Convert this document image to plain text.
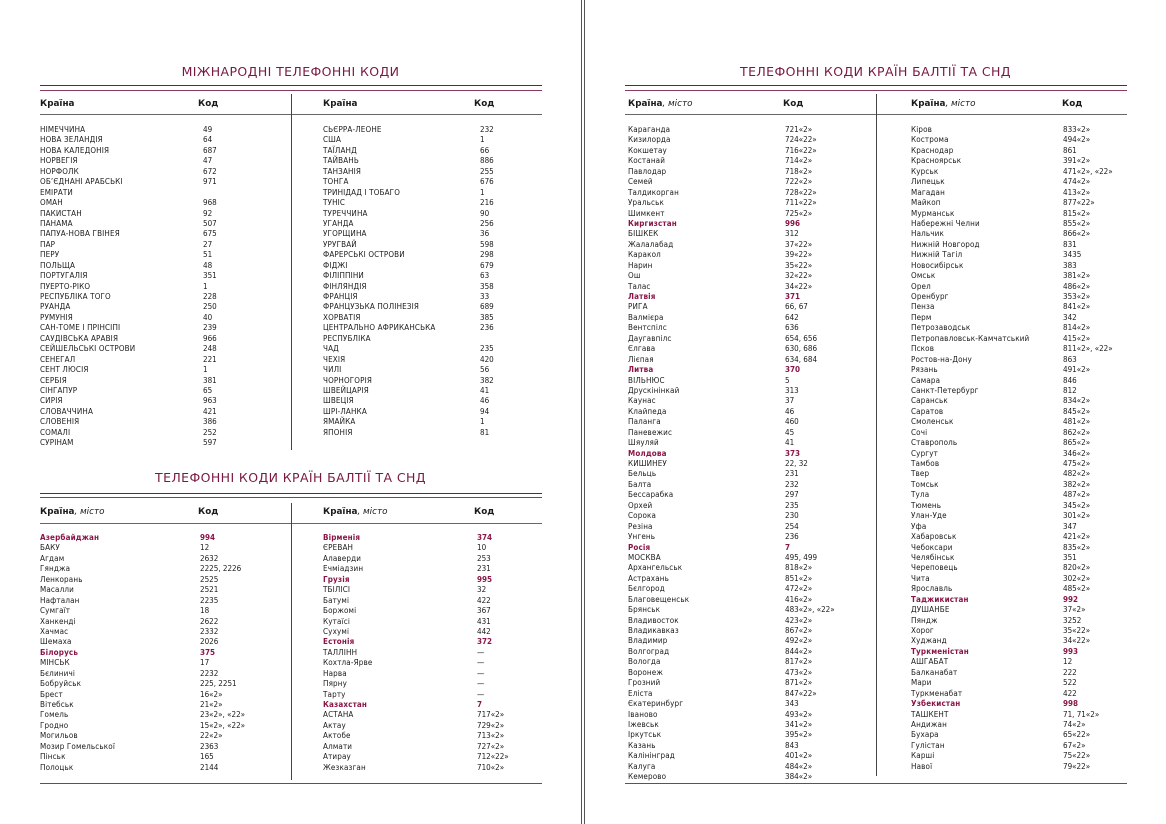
МІЖНАРОДНІ ТЕЛЕФОННІ КОДИ
Країна	Код	Країна	Код
НІМЕЧЧИНА	49
НОВА ЗЕЛАНДІЯ	64
НОВА КАЛЕДОНІЯ	687
НОРВЕГІЯ	47
НОРФОЛК	672
ОБ’ЄДНАНІ АРАБСЬКІ	971
ЕМІРАТИ
ОМАН	968
ПАКИСТАН	92
ПАНАМА	507
ПАПУА-НОВА ГВІНЕЯ	675
ПАР	27
ПЕРУ	51
ПОЛЬЩА	48
ПОРТУГАЛІЯ	351
ПУЕРТО-РІКО	1
РЕСПУБЛІКА ТОГО	228
РУАНДА	250
РУМУНІЯ	40
САН-ТОМЕ І ПРІНСІПІ	239
САУДІВСЬКА АРАВІЯ	966
СЕЙШЕЛЬСЬКІ ОСТРОВИ	248
СЕНЕГАЛ	221
СЕНТ ЛЮСІЯ	1
СЕРБІЯ	381
СІНГАПУР	65
СИРІЯ	963
СЛОВАЧЧИНА	421
СЛОВЕНІЯ	386
СОМАЛІ	252
СУРІНАМ	597
СЬЄРРА-ЛЕОНЕ	232
США	1
ТАЇЛАНД	66
ТАЙВАНЬ	886
ТАНЗАНІЯ	255
ТОНГА	676
ТРИНІДАД І ТОБАГО	1
ТУНІС	216
ТУРЕЧЧИНА	90
УГАНДА	256
УГОРЩИНА	36
УРУГВАЙ	598
ФАРЕРСЬКІ ОСТРОВИ	298
ФІДЖІ	679
ФІЛІППІНИ	63
ФІНЛЯНДІЯ	358
ФРАНЦІЯ	33
ФРАНЦУЗЬКА ПОЛІНЕЗІЯ	689
ХОРВАТІЯ	385
ЦЕНТРАЛЬНО АФРИКАНСЬКА	236
РЕСПУБЛІКА
ЧАД	235
ЧЕХІЯ	420
ЧИЛІ	56
ЧОРНОГОРІЯ	382
ШВЕЙЦАРІЯ	41
ШВЕЦІЯ	46
ШРІ-ЛАНКА	94
ЯМАЙКА	1
ЯПОНІЯ	81
ТЕЛЕФОННІ КОДИ КРАЇН БАЛТІЇ ТА СНД
Країна, місто	Код	Країна, місто	Код
Азербайджан	994
БАКУ	12
Агдам	2632
Гянджа	2225, 2226
Ленкорань	2525
Масалли	2521
Нафталан	2235
Сумгаїт	18
Ханкенді	2622
Хачмас	2332
Шемаха	2026
Білорусь	375
МІНСЬК	17
Бєлиничі	2232
Бобруйськ	225, 2251
Брест	16«2»
Вітебськ	21«2»
Гомель	23«2», «22»
Гродно	15«2», «22»
Могильов	22«2»
Мозир Гомельської	2363
Пінськ	165
Полоцьк	2144
Вірменія	374
ЄРЕВАН	10
Алаверди	253
Ечміадзин	231
Грузія	995
ТБІЛІСІ	32
Батумі	422
Боржомі	367
Кутаїсі	431
Сухумі	442
Естонія	372
ТАЛЛІНН	—
Кохтла-Ярве	—
Нарва	—
Пярну	—
Тарту	—
Казахстан	7
АСТАНА	717«2»
Актау	729«2»
Актобе	713«2»
Алмати	727«2»
Атирау	712«22»
Жезказган	710«2»
ТЕЛЕФОННІ КОДИ КРАЇН БАЛТІЇ ТА СНД
Країна, місто	Код	Країна, місто	Код
Караганда	721«2»
Кизилорда	724«22»
Кокшетау	716«22»
Костанай	714«2»
Павлодар	718«2»
Семей	722«2»
Талдикорган	728«22»
Уральськ	711«22»
Шимкент	725«2»
Киргизстан	996
БІШКЕК	312
Жалалабад	37«22»
Каракол	39«22»
Нарин	35«22»
Ош	32«22»
Талас	34«22»
Латвія	371
РИГА	66, 67
Валмієра	642
Вентспілс	636
Даугавпілс	654, 656
Єлгава	630, 686
Лієпая	634, 684
Литва	370
ВІЛЬНЮС	5
Друскінінкай	313
Каунас	37
Клайпеда	46
Паланга	460
Паневежис	45
Шяуляй	41
Молдова	373
КИШИНЕУ	22, 32
Бельць	231
Балта	232
Бессарабка	297
Орхей	235
Сорока	230
Резіна	254
Унгень	236
Росія	7
МОСКВА	495, 499
Архангельськ	818«2»
Астрахань	851«2»
Бєлгород	472«2»
Благовещенськ	416«2»
Брянськ	483«2», «22»
Владивосток	423«2»
Владикавказ	867«2»
Владимир	492«2»
Волгоград	844«2»
Вологда	817«2»
Воронеж	473«2»
Грозний	871«2»
Еліста	847«22»
Єкатеринбург	343
Іваново	493«2»
Іжевськ	341«2»
Іркутськ	395«2»
Казань	843
Калінінград	401«2»
Калуга	484«2»
Кемерово	384«2»
Кіров	833«2»
Кострома	494«2»
Краснодар	861
Красноярськ	391«2»
Курськ	471«2», «22»
Липецьк	474«2»
Магадан	413«2»
Майкоп	877«22»
Мурманськ	815«2»
Набережні Челни	855«2»
Нальчик	866«2»
Нижній Новгород	831
Нижній Тагіл	3435
Новосибірськ	383
Омськ	381«2»
Орел	486«2»
Оренбург	353«2»
Пенза	841«2»
Перм	342
Петрозаводськ	814«2»
Петропавловськ-Камчатський	415«2»
Псков	811«2», «22»
Ростов-на-Дону	863
Рязань	491«2»
Самара	846
Санкт-Петербург	812
Саранськ	834«2»
Саратов	845«2»
Смоленськ	481«2»
Сочі	862«2»
Ставрополь	865«2»
Сургут	346«2»
Тамбов	475«2»
Твер	482«2»
Томськ	382«2»
Тула	487«2»
Тюмень	345«2»
Улан-Уде	301«2»
Уфа	347
Хабаровськ	421«2»
Чебоксари	835«2»
Челябінськ	351
Череповець	820«2»
Чита	302«2»
Ярославль	485«2»
Таджикистан	992
ДУШАНБЕ	37«2»
Пяндж	3252
Хорог	35«22»
Худжанд	34«22»
Туркменістан	993
АШГАБАТ	12
Балканабат	222
Мари	522
Туркменабат	422
Узбекистан	998
ТАШКЕНТ	71, 71«2»
Андижан	74«2»
Бухара	65«22»
Гулістан	67«2»
Карші	75«22»
Навої	79«22»
